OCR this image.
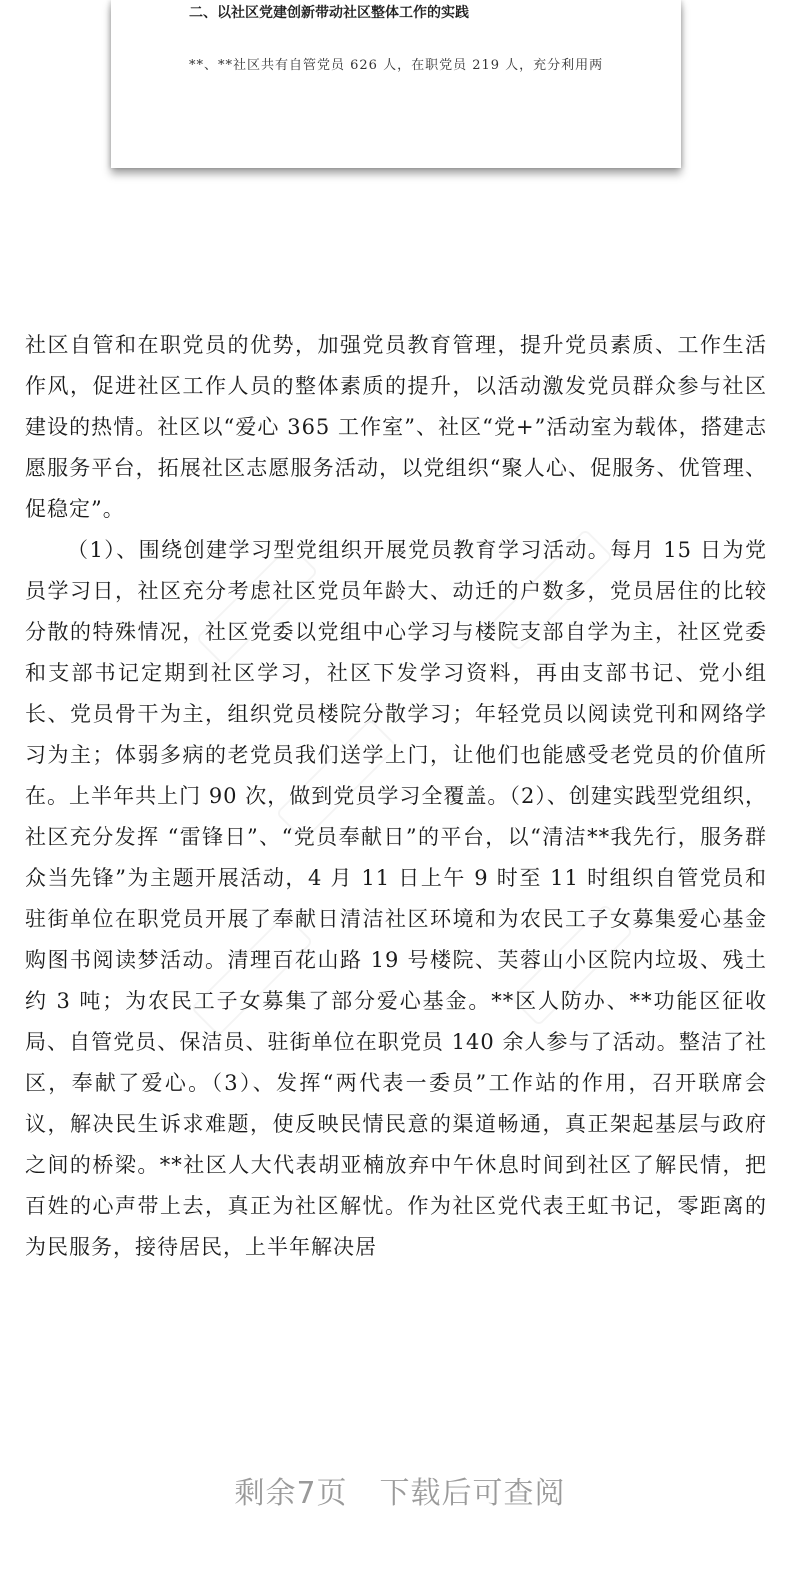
二、以社区党建创新带动社区整体工作的实践
**、**社区共有自管党员 626 人，在职党员 219 人，充分利用两

社区自管和在职党员的优势，加强党员教育管理，提升党员素质、工作生活作风，促进社区工作人员的整体素质的提升，以活动激发党员群众参与社区建设的热情。社区以“爱心 365 工作室”、社区“党+”活动室为载体，搭建志愿服务平台，拓展社区志愿服务活动，以党组织“聚人心、促服务、优管理、促稳定”。

（1）、围绕创建学习型党组织开展党员教育学习活动。每月 15 日为党员学习日，社区充分考虑社区党员年龄大、动迁的户数多，党员居住的比较分散的特殊情况，社区党委以党组中心学习与楼院支部自学为主，社区党委和支部书记定期到社区学习，社区下发学习资料，再由支部书记、党小组长、党员骨干为主，组织党员楼院分散学习；年轻党员以阅读党刊和网络学习为主；体弱多病的老党员我们送学上门，让他们也能感受老党员的价值所在。上半年共上门 90 次，做到党员学习全覆盖。（2）、创建实践型党组织，社区充分发挥 “雷锋日”、“党员奉献日”的平台，以“清洁**我先行，服务群众当先锋”为主题开展活动，4 月 11 日上午 9 时至 11 时组织自管党员和驻街单位在职党员开展了奉献日清洁社区环境和为农民工子女募集爱心基金购图书阅读梦活动。清理百花山路 19 号楼院、芙蓉山小区院内垃圾、残土约 3 吨；为农民工子女募集了部分爱心基金。**区人防办、**功能区征收局、自管党员、保洁员、驻街单位在职党员 140 余人参与了活动。整洁了社区，奉献了爱心。（3）、发挥“两代表一委员”工作站的作用，召开联席会议，解决民生诉求难题，使反映民情民意的渠道畅通，真正架起基层与政府之间的桥梁。**社区人大代表胡亚楠放弃中午休息时间到社区了解民情，把百姓的心声带上去，真正为社区解忧。作为社区党代表王虹书记，零距离的为民服务，接待居民，上半年解决居

剩余7页 下载后可查阅
